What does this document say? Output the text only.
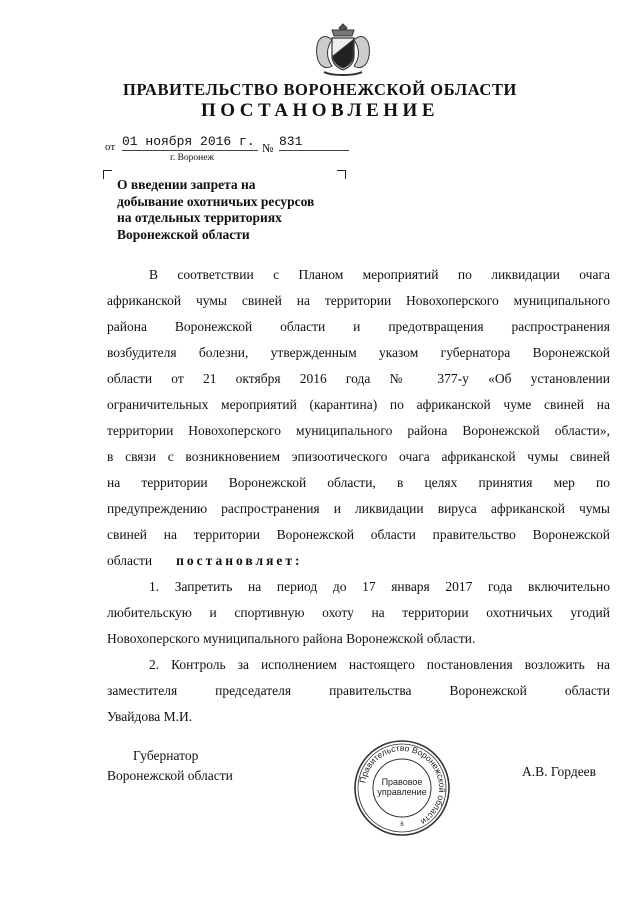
ПРАВИТЕЛЬСТВО ВОРОНЕЖСКОЙ ОБЛАСТИ
ПОСТАНОВЛЕНИЕ
от 01 ноября 2016 г. № 831
г. Воронеж
О введении запрета на
добывание охотничьих ресурсов
на отдельных территориях
Воронежской области
В соответствии с Планом мероприятий по ликвидации очага
африканской чумы свиней на территории Новохоперского муниципального
района Воронежской области и предотвращения распространения
возбудителя болезни, утвержденным указом губернатора Воронежской
области от 21 октября 2016 года № 377-у «Об установлении
ограничительных мероприятий (карантина) по африканской чуме свиней на
территории Новохоперского муниципального района Воронежской области»,
в связи с возникновением эпизоотического очага африканской чумы свиней
на территории Воронежской области, в целях принятия мер по
предупреждению распространения и ликвидации вируса африканской чумы
свиней на территории Воронежской области правительство Воронежской
области постановляет:
1. Запретить на период до 17 января 2017 года включительно
любительскую и спортивную охоту на территории охотничьих угодий
Новохоперского муниципального района Воронежской области.
2. Контроль за исполнением настоящего постановления возложить на
заместителя председателя правительства Воронежской области
Увайдова М.И.
Губернатор
Воронежской области	А.В. Гордеев
Правительство Воронежской области
Правовое
управление
6
